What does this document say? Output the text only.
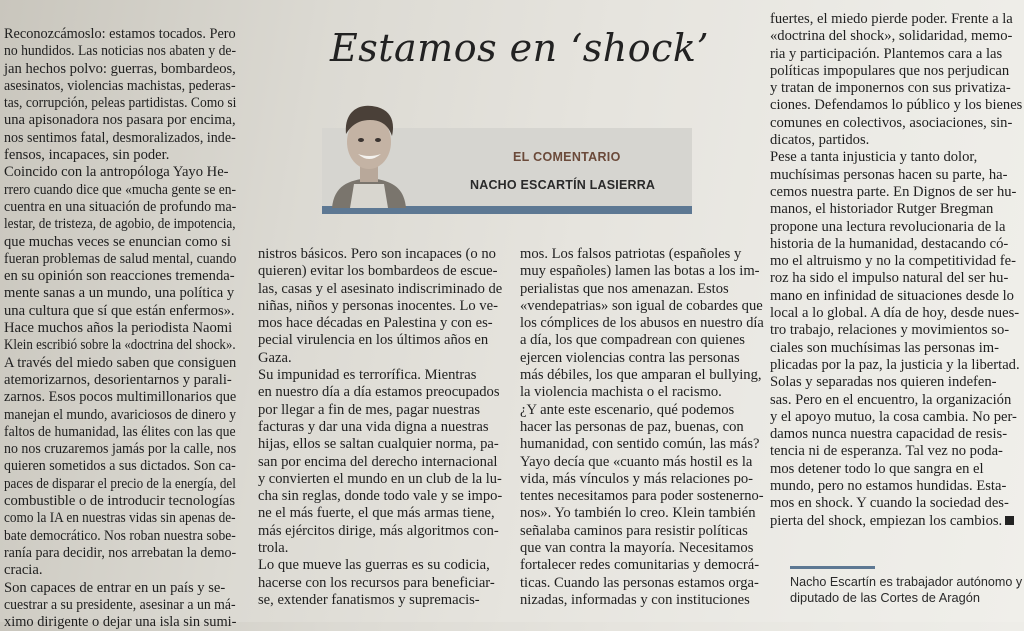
Estamos en ‘shock’
EL COMENTARIO
NACHO ESCARTÍN LASIERRA
Reconozcámoslo: estamos tocados. Pero
no hundidos. Las noticias nos abaten y de-
jan hechos polvo: guerras, bombardeos,
asesinatos, violencias machistas, pederas-
tas, corrupción, peleas partidistas. Como si
una apisonadora nos pasara por encima,
nos sentimos fatal, desmoralizados, inde-
fensos, incapaces, sin poder.
Coincido con la antropóloga Yayo He-
rrero cuando dice que «mucha gente se en-
cuentra en una situación de profundo ma-
lestar, de tristeza, de agobio, de impotencia,
que muchas veces se enuncian como si
fueran problemas de salud mental, cuando
en su opinión son reacciones tremenda-
mente sanas a un mundo, una política y
una cultura que sí que están enfermos».
Hace muchos años la periodista Naomi
Klein escribió sobre la «doctrina del shock».
A través del miedo saben que consiguen
atemorizarnos, desorientarnos y parali-
zarnos. Esos pocos multimillonarios que
manejan el mundo, avariciosos de dinero y
faltos de humanidad, las élites con las que
no nos cruzaremos jamás por la calle, nos
quieren sometidos a sus dictados. Son ca-
paces de disparar el precio de la energía, del
combustible o de introducir tecnologías
como la IA en nuestras vidas sin apenas de-
bate democrático. Nos roban nuestra sobe-
ranía para decidir, nos arrebatan la demo-
cracia.
Son capaces de entrar en un país y se-
cuestrar a su presidente, asesinar a un má-
ximo dirigente o dejar una isla sin sumi-
nistros básicos. Pero son incapaces (o no
quieren) evitar los bombardeos de escue-
las, casas y el asesinato indiscriminado de
niñas, niños y personas inocentes. Lo ve-
mos hace décadas en Palestina y con es-
pecial virulencia en los últimos años en
Gaza.
Su impunidad es terrorífica. Mientras
en nuestro día a día estamos preocupados
por llegar a fin de mes, pagar nuestras
facturas y dar una vida digna a nuestras
hijas, ellos se saltan cualquier norma, pa-
san por encima del derecho internacional
y convierten el mundo en un club de la lu-
cha sin reglas, donde todo vale y se impo-
ne el más fuerte, el que más armas tiene,
más ejércitos dirige, más algoritmos con-
trola.
Lo que mueve las guerras es su codicia,
hacerse con los recursos para beneficiar-
se, extender fanatismos y supremacis-
mos. Los falsos patriotas (españoles y
muy españoles) lamen las botas a los im-
perialistas que nos amenazan. Estos
«vendepatrias» son igual de cobardes que
los cómplices de los abusos en nuestro día
a día, los que compadrean con quienes
ejercen violencias contra las personas
más débiles, los que amparan el bullying,
la violencia machista o el racismo.
¿Y ante este escenario, qué podemos
hacer las personas de paz, buenas, con
humanidad, con sentido común, las más?
Yayo decía que «cuanto más hostil es la
vida, más vínculos y más relaciones po-
tentes necesitamos para poder sostenerno-
nos». Yo también lo creo. Klein también
señalaba caminos para resistir políticas
que van contra la mayoría. Necesitamos
fortalecer redes comunitarias y democrá-
ticas. Cuando las personas estamos orga-
nizadas, informadas y con instituciones
fuertes, el miedo pierde poder. Frente a la
«doctrina del shock», solidaridad, memo-
ria y participación. Plantemos cara a las
políticas impopulares que nos perjudican
y tratan de imponernos con sus privatiza-
ciones. Defendamos lo público y los bienes
comunes en colectivos, asociaciones, sin-
dicatos, partidos.
Pese a tanta injusticia y tanto dolor,
muchísimas personas hacen su parte, ha-
cemos nuestra parte. En Dignos de ser hu-
manos, el historiador Rutger Bregman
propone una lectura revolucionaria de la
historia de la humanidad, destacando có-
mo el altruismo y no la competitividad fe-
roz ha sido el impulso natural del ser hu-
mano en infinidad de situaciones desde lo
local a lo global. A día de hoy, desde nues-
tro trabajo, relaciones y movimientos so-
ciales son muchísimas las personas im-
plicadas por la paz, la justicia y la libertad.
Solas y separadas nos quieren indefen-
sas. Pero en el encuentro, la organización
y el apoyo mutuo, la cosa cambia. No per-
damos nunca nuestra capacidad de resis-
tencia ni de esperanza. Tal vez no poda-
mos detener todo lo que sangra en el
mundo, pero no estamos hundidas. Esta-
mos en shock. Y cuando la sociedad des-
pierta del shock, empiezan los cambios.
Nacho Escartín es trabajador autónomo y
diputado de las Cortes de Aragón
